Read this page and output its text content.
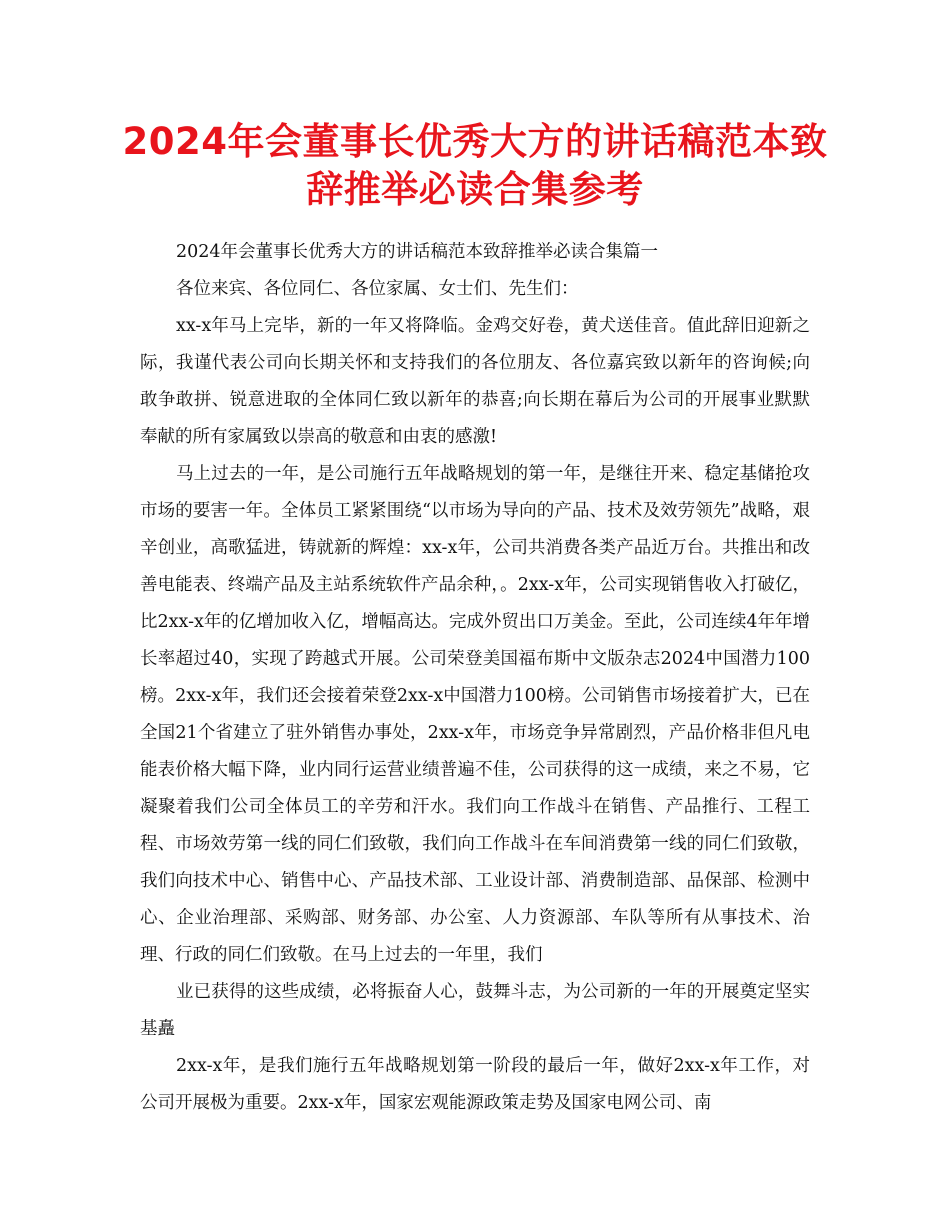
2024年会董事长优秀大方的讲话稿范本致辞推举必读合集参考

2024年会董事长优秀大方的讲话稿范本致辞推举必读合集篇一

各位来宾、各位同仁、各位家属、女士们、先生们：

xx-x年马上完毕，新的一年又将降临。金鸡交好卷，黄犬送佳音。值此辞旧迎新之际，我谨代表公司向长期关怀和支持我们的各位朋友、各位嘉宾致以新年的咨询候;向敢争敢拼、锐意进取的全体同仁致以新年的恭喜;向长期在幕后为公司的开展事业默默奉献的所有家属致以崇高的敬意和由衷的感激!

马上过去的一年，是公司施行五年战略规划的第一年，是继往开来、稳定基储抢攻市场的要害一年。全体员工紧紧围绕“以市场为导向的产品、技术及效劳领先”战略，艰辛创业，高歌猛进，铸就新的辉煌：xx-x年，公司共消费各类产品近万台。共推出和改善电能表、终端产品及主站系统软件产品余种，。2xx-x年，公司实现销售收入打破亿，比2xx-x年的亿增加收入亿，增幅高达。完成外贸出口万美金。至此，公司连续4年年增长率超过40，实现了跨越式开展。公司荣登美国福布斯中文版杂志2024中国潜力100榜。2xx-x年，我们还会接着荣登2xx-x中国潜力100榜。公司销售市场接着扩大，已在全国21个省建立了驻外销售办事处，2xx-x年，市场竞争异常剧烈，产品价格非但凡电能表价格大幅下降，业内同行运营业绩普遍不佳，公司获得的这一成绩，来之不易，它凝聚着我们公司全体员工的辛劳和汗水。我们向工作战斗在销售、产品推行、工程工程、市场效劳第一线的同仁们致敬，我们向工作战斗在车间消费第一线的同仁们致敬，我们向技术中心、销售中心、产品技术部、工业设计部、消费制造部、品保部、检测中心、企业治理部、采购部、财务部、办公室、人力资源部、车队等所有从事技术、治理、行政的同仁们致敬。在马上过去的一年里，我们

业已获得的这些成绩，必将振奋人心，鼓舞斗志，为公司新的一年的开展奠定坚实基矗

2xx-x年，是我们施行五年战略规划第一阶段的最后一年，做好2xx-x年工作，对公司开展极为重要。2xx-x年，国家宏观能源政策走势及国家电网公司、南
